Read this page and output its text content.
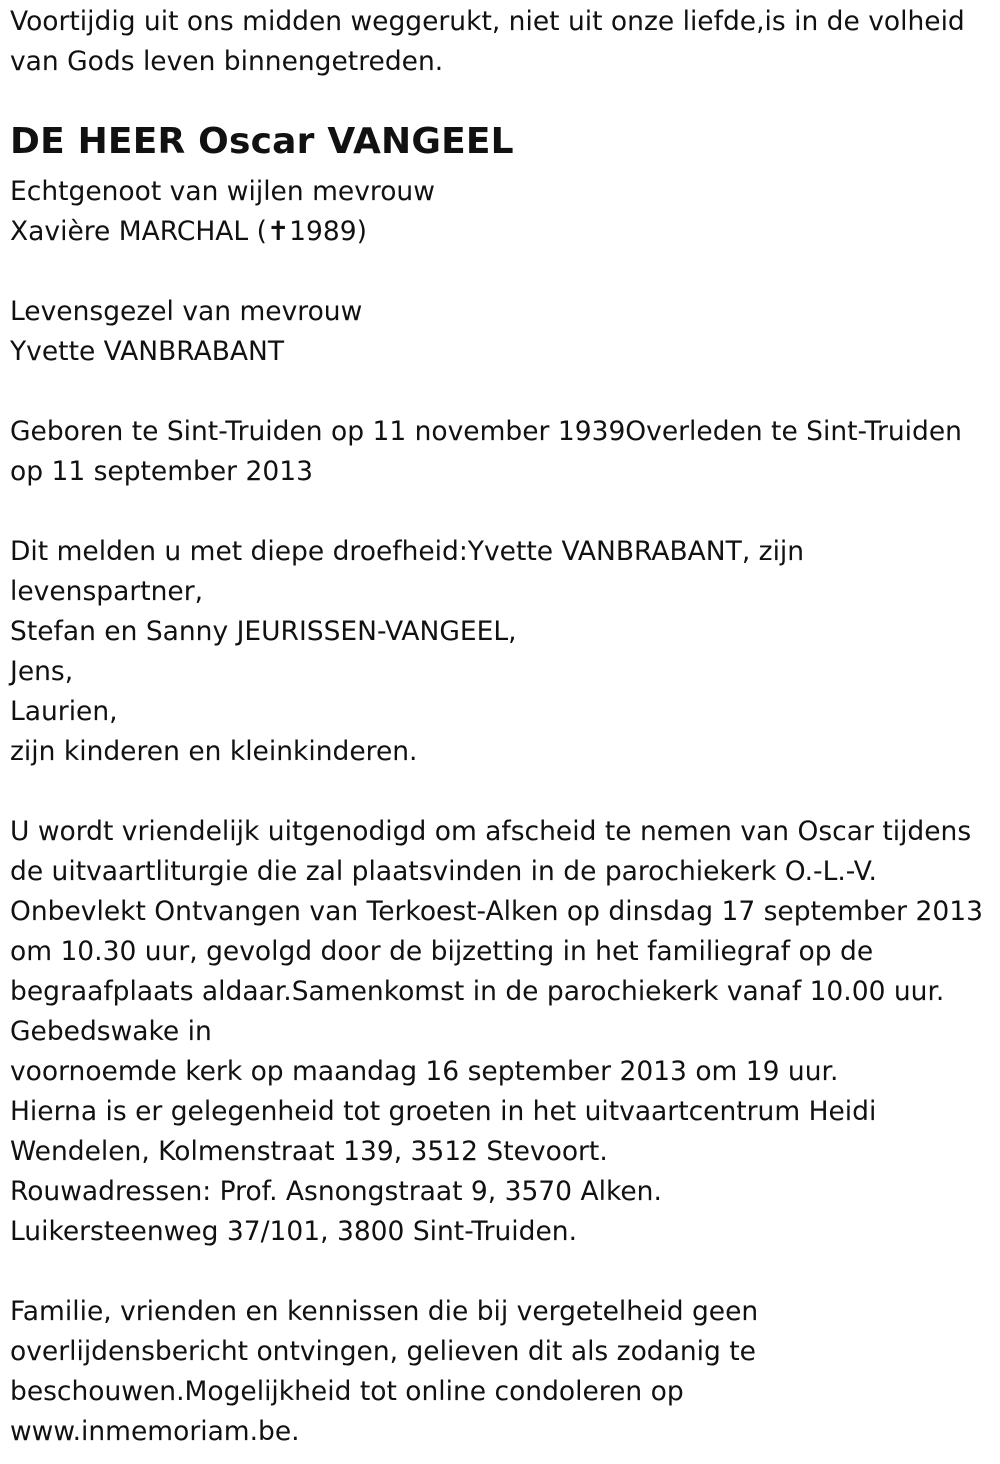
Voortijdig uit ons midden weggerukt, niet uit onze liefde,is in de volheid

van Gods leven binnengetreden.

DE HEER Oscar VANGEEL

Echtgenoot van wijlen mevrouw

Xavière MARCHAL (✝1989)

Levensgezel van mevrouw

Yvette VANBRABANT

Geboren te Sint-Truiden op 11 november 1939Overleden te Sint-Truiden

op 11 september 2013

Dit melden u met diepe droefheid:Yvette VANBRABANT, zijn

levenspartner,

Stefan en Sanny JEURISSEN-VANGEEL,

Jens,

Laurien,

zijn kinderen en kleinkinderen.

U wordt vriendelijk uitgenodigd om afscheid te nemen van Oscar tijdens

de uitvaartliturgie die zal plaatsvinden in de parochiekerk O.-L.-V.

Onbevlekt Ontvangen van Terkoest-Alken op dinsdag 17 september 2013

om 10.30 uur, gevolgd door de bijzetting in het familiegraf op de

begraafplaats aldaar.Samenkomst in de parochiekerk vanaf 10.00 uur.

Gebedswake in

voornoemde kerk op maandag 16 september 2013 om 19 uur.

Hierna is er gelegenheid tot groeten in het uitvaartcentrum Heidi

Wendelen, Kolmenstraat 139, 3512 Stevoort.

Rouwadressen: Prof. Asnongstraat 9, 3570 Alken.

Luikersteenweg 37/101, 3800 Sint-Truiden.

Familie, vrienden en kennissen die bij vergetelheid geen

overlijdensbericht ontvingen, gelieven dit als zodanig te

beschouwen.Mogelijkheid tot online condoleren op

www.inmemoriam.be.
